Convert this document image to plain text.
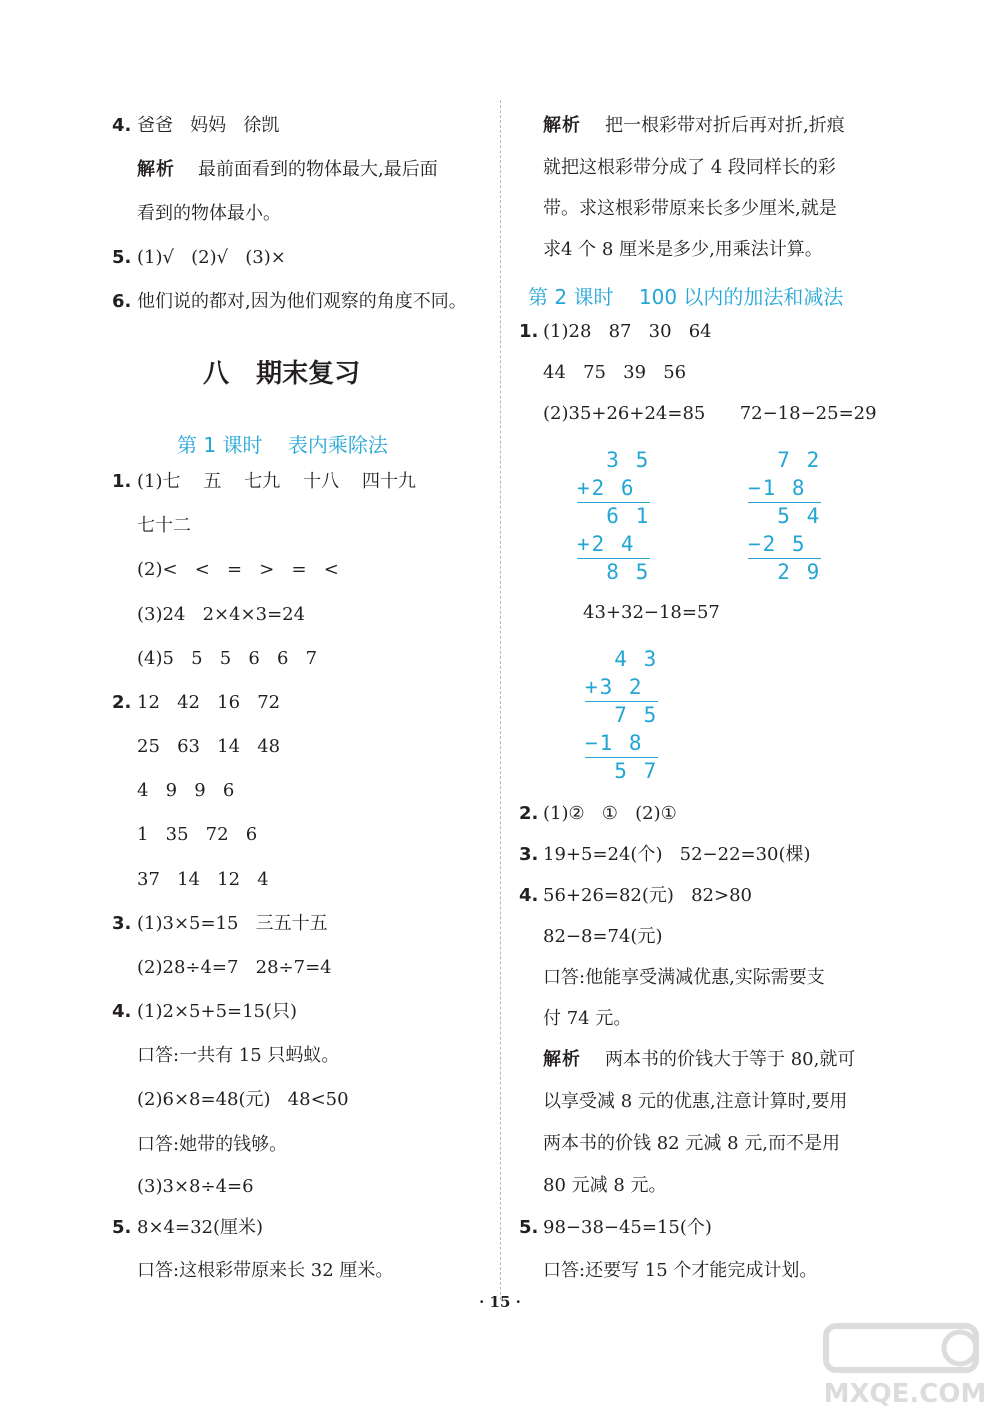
4. 爸爸   妈妈   徐凯
解析 最前面看到的物体最大,最后面
看到的物体最小。
5. (1)√   (2)√   (3)×
6. 他们说的都对,因为他们观察的角度不同。
八   期末复习
第 1 课时    表内乘除法
1. (1)七    五    七九    十八    四十九
七十二
(2)<   <   =   >   =   <
(3)24   2×4×3=24
(4)5   5   5   6   6   7
2. 12   42   16   72
25   63   14   48
4   9   9   6
1   35   72   6
37   14   12   4
3. (1)3×5=15   三五十五
(2)28÷4=7   28÷7=4
4. (1)2×5+5=15(只)
口答:一共有 15 只蚂蚁。
(2)6×8=48(元)   48<50
口答:她带的钱够。
(3)3×8÷4=6
5. 8×4=32(厘米)
口答:这根彩带原来长 32 厘米。
解析 把一根彩带对折后再对折,折痕
就把这根彩带分成了 4 段同样长的彩
带。求这根彩带原来长多少厘米,就是
求4 个 8 厘米是多少,用乘法计算。
第 2 课时    100 以内的加法和减法
1. (1)28   87   30   64
44   75   39   56
(2)35+26+24=85      72−18−25=29
3 5
+2 6
6 1
+2 4
8 5
7 2
−1 8
5 4
−2 5
2 9
43+32−18=57
4 3
+3 2
7 5
−1 8
5 7
2. (1)②   ①   (2)①
3. 19+5=24(个)   52−22=30(棵)
4. 56+26=82(元)   82>80
82−8=74(元)
口答:他能享受满减优惠,实际需要支
付 74 元。
解析 两本书的价钱大于等于 80,就可
以享受减 8 元的优惠,注意计算时,要用
两本书的价钱 82 元减 8 元,而不是用
80 元减 8 元。
5. 98−38−45=15(个)
口答:还要写 15 个才能完成计划。
· 15 ·
MXQE.COM
